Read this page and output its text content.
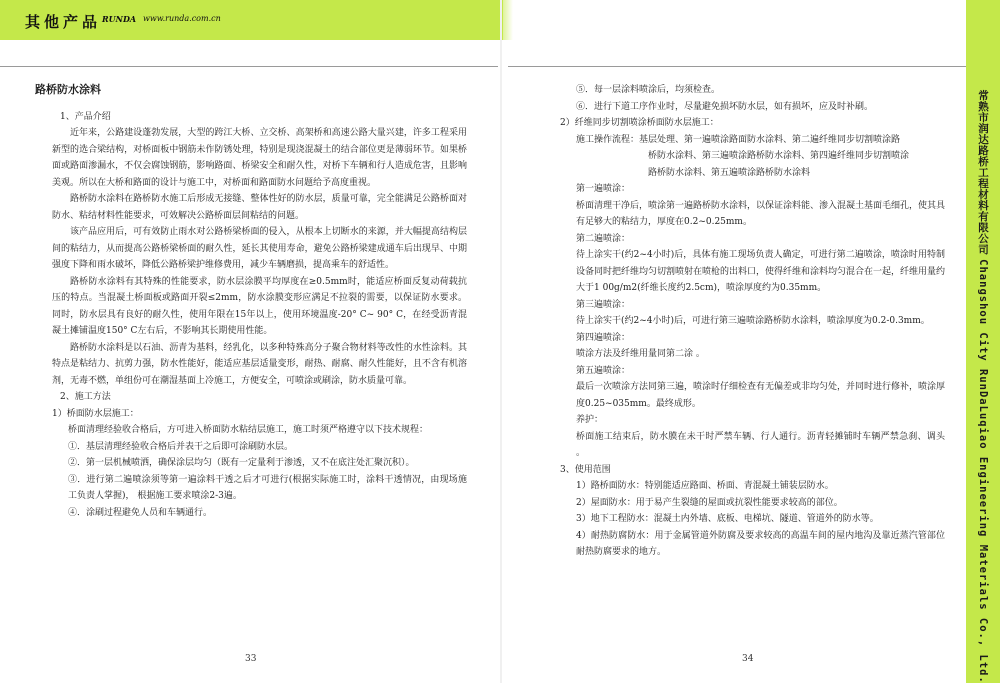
其他产品 RUNDA www.runda.com.cn

路桥防水涂料

1、产品介绍

近年来，公路建设蓬勃发展，大型的跨江大桥、立交桥、高架桥和高速公路大量兴建，许多工程采用新型的选合梁结构，对桥面板中钢筋未作防锈处理，特别是现浇混凝土的结合部位更是薄弱环节。如果桥面或路面渗漏水，不仅会腐蚀钢筋，影响路面、桥梁安全和耐久性，对桥下车辆和行人造成危害，且影响美观。所以在大桥和路面的设计与施工中，对桥面和路面防水问题给予高度重视。

路桥防水涂料在路桥防水施工后形成无接缝、整体性好的防水层，质量可靠，完全能满足公路桥面对防水、粘结材料性能要求，可效解决公路桥面层间粘结的问题。

该产品应用后，可有效防止雨水对公路桥梁桥面的侵入，从根本上切断水的来源，并大幅提高结构层间的粘结力，从而提高公路桥梁桥面的耐久性，延长其使用寿命，避免公路桥梁建成通车后出现早、中期强度下降和雨水破坏，降低公路桥梁护维修费用，减少车辆磨损，提高乘车的舒适性。

路桥防水涂料有其特殊的性能要求，防水层涂膜平均厚度在≥0.5mm时，能适应桥面反复动荷载抗压的特点。当混凝土桥面板或路面开裂≤2mm，防水涂膜变形应满足不拉裂的需要，以保证防水要求。同时，防水层具有良好的耐久性，使用年限在15年以上，使用环境温度-20° C~ 90° C，在经受沥青混凝土摊铺温度150° C左右后，不影响其长期使用性能。

路桥防水涂料是以石油、沥青为基料，经乳化，以多种特殊高分子聚合物材料等改性的水性涂料。其特点是粘结力、抗剪力强，防水性能好，能适应基层适量变形，耐热、耐腐、耐久性能好，且不含有机溶剂，无毒不燃，单组份可在潮湿基面上冷施工，方便安全，可喷涂或刷涂，防水质量可靠。

2、施工方法

1）桥面防水层施工：

桥面清理经验收合格后，方可进入桥面防水粘结层施工，施工时须严格遵守以下技术规程：

①．基层清理经验收合格后并表干之后即可涂刷防水层。

②．第一层机械喷洒，确保涂层均匀（既有一定量利于渗透，又不在底注处汇聚沉积）。

③．进行第二遍喷涂须等第一遍涂料干透之后才可进行(根据实际施工时，涂料干透情况，由现场施工负责人掌握)， 根据施工要求喷涂2-3遍。

④．涂刷过程避免人员和车辆通行。

33

⑤．每一层涂料喷涂后，均须检查。

⑥．进行下道工序作业时，尽量避免损坏防水层，如有损坏，应及时补刷。

2）纤维同步切割喷涂桥面防水层施工：

施工操作流程：基层处理、第一遍喷涂路面防水涂料、第二遍纤维同步切割喷涂路

桥防水涂料、第三遍喷涂路桥防水涂料、第四遍纤维同步切割喷涂

路桥防水涂料、第五遍喷涂路桥防水涂料

第一遍喷涂：

桥面清理干净后，喷涂第一遍路桥防水涂料，以保证涂料能、渗入混凝土基面毛细孔，使其具有足够大的粘结力，厚度在0.2~0.25mm。

第二遍喷涂：

待上涂实干(约2~4小时)后，具体有施工现场负责人确定，可进行第二遍喷涂，喷涂时用特制设备同时把纤维均匀切割喷射在喷枪的出料口，使得纤维和涂料均匀混合在一起，纤维用量约大于1 00g/m2(纤维长度约2.5cm)，喷涂厚度约为0.35mm。

第三遍喷涂：

待上涂实干(约2~4小时)后，可进行第三遍喷涂路桥防水涂料，喷涂厚度为0.2-0.3mm。

第四遍喷涂：

喷涂方法及纤维用量同第二涂 。

第五遍喷涂：

最后一次喷涂方法同第三遍，喷涂时仔细检查有无偏差或非均匀处，并同时进行修补，喷涂厚度0.25~035mm。最终成形。

养护：

桥面施工结束后，防水膜在未干时严禁车辆、行人通行。沥青轻摊铺时车辆严禁急刹、调头 。

3、使用范围

1）路桥面防水：特别能适应路面、桥面、青混凝土铺装层防水。

2）屋面防水：用于易产生裂缝的屋面或抗裂性能要求较高的部位。

3）地下工程防水：混凝土内外墙、底板、电梯坑、隧道、管道外的防水等。

4）耐热防腐防水：用于金属管道外防腐及要求较高的高温车间的屋内地沟及靠近蒸汽管部位耐热防腐要求的地方。

34
常熟市润达路桥工程材料有限公司 Changshou City RunDaLuqiao Engineering Materials Co., Ltd.
